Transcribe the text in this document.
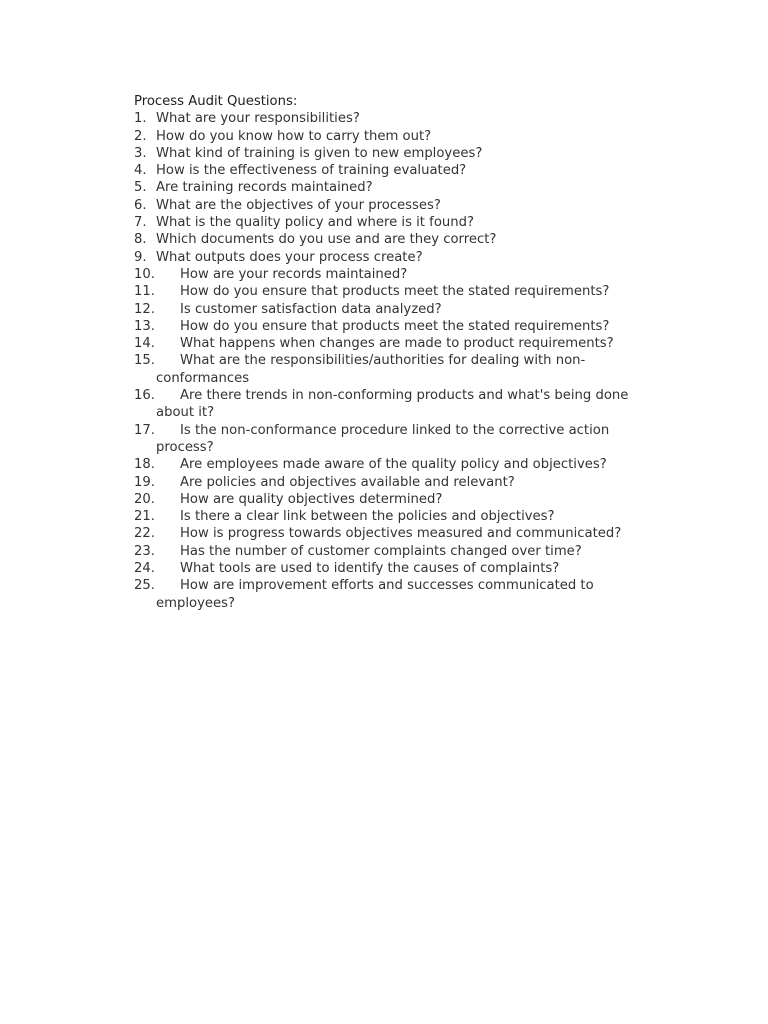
Process Audit Questions:

1. What are your responsibilities?
2. How do you know how to carry them out?
3. What kind of training is given to new employees?
4. How is the effectiveness of training evaluated?
5. Are training records maintained?
6. What are the objectives of your processes?
7. What is the quality policy and where is it found?
8. Which documents do you use and are they correct?
9. What outputs does your process create?
10.	How are your records maintained?
11.	How do you ensure that products meet the stated requirements?
12.	Is customer satisfaction data analyzed?
13.	How do you ensure that products meet the stated requirements?
14.	What happens when changes are made to product requirements?
15.	What are the responsibilities/authorities for dealing with non-conformances
16.	Are there trends in non-conforming products and what's being done about it?
17.	Is the non-conformance procedure linked to the corrective action process?
18.	Are employees made aware of the quality policy and objectives?
19.	Are policies and objectives available and relevant?
20.	How are quality objectives determined?
21.	Is there a clear link between the policies and objectives?
22.	How is progress towards objectives measured and communicated?
23.	Has the number of customer complaints changed over time?
24.	What tools are used to identify the causes of complaints?
25.	How are improvement efforts and successes communicated to employees?
